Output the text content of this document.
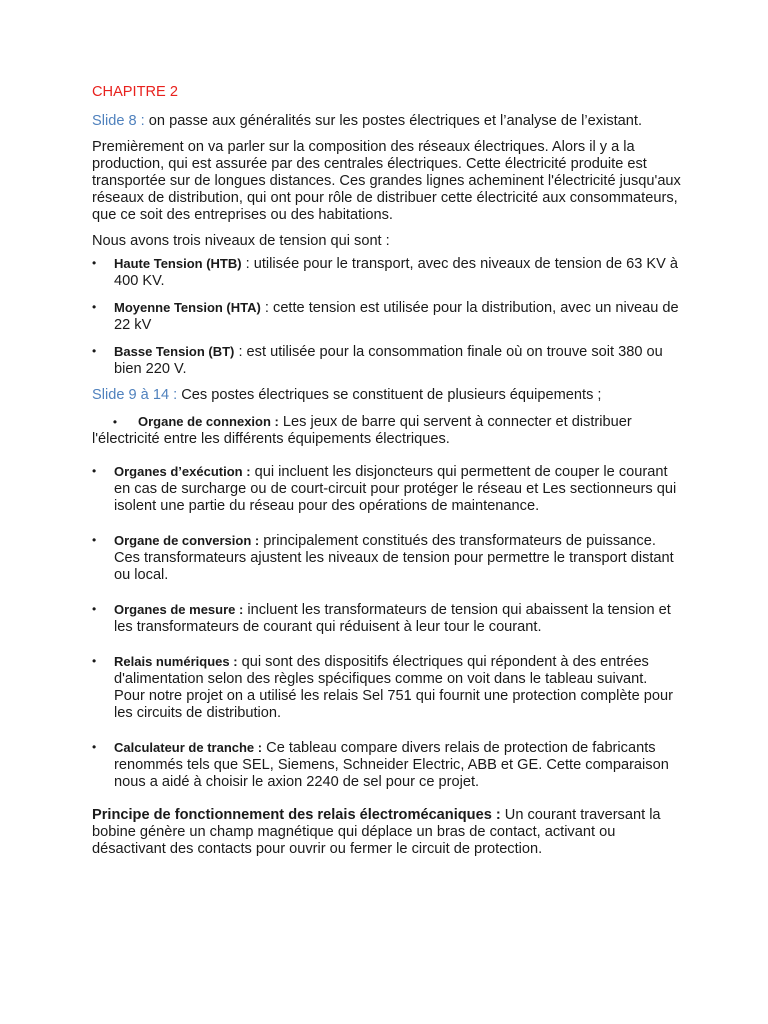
CHAPITRE 2

Slide 8 : on passe aux généralités sur les postes électriques et l’analyse de l’existant.

Premièrement on va parler sur la composition des réseaux électriques. Alors il y a la production, qui est assurée par des centrales électriques. Cette électricité produite est transportée sur de longues distances. Ces grandes lignes acheminent l'électricité jusqu'aux réseaux de distribution, qui ont pour rôle de distribuer cette électricité aux consommateurs, que ce soit des entreprises ou des habitations.

Nous avons trois niveaux de tension qui sont :

• Haute Tension (HTB) : utilisée pour le transport, avec des niveaux de tension de 63 KV à 400 KV.
• Moyenne Tension (HTA) : cette tension est utilisée pour la distribution, avec un niveau de 22 kV
• Basse Tension (BT) : est utilisée pour la consommation finale où on trouve soit 380 ou bien 220 V.

Slide 9 à 14 : Ces postes électriques se constituent de plusieurs équipements ;

• Organe de connexion : Les jeux de barre qui servent à connecter et distribuer l'électricité entre les différents équipements électriques.

• Organes d’exécution : qui incluent les disjoncteurs qui permettent de couper le courant en cas de surcharge ou de court-circuit pour protéger le réseau et Les sectionneurs qui isolent une partie du réseau pour des opérations de maintenance.
• Organe de conversion : principalement constitués des transformateurs de puissance. Ces transformateurs ajustent les niveaux de tension pour permettre le transport distant ou local.
• Organes de mesure : incluent les transformateurs de tension qui abaissent la tension et les transformateurs de courant qui réduisent à leur tour le courant.
• Relais numériques : qui sont des dispositifs électriques qui répondent à des entrées d'alimentation selon des règles spécifiques comme on voit dans le tableau suivant. Pour notre projet on a utilisé les relais Sel 751 qui fournit une protection complète pour les circuits de distribution.
• Calculateur de tranche : Ce tableau compare divers relais de protection de fabricants renommés tels que SEL, Siemens, Schneider Electric, ABB et GE. Cette comparaison nous a aidé à choisir le axion 2240 de sel pour ce projet.

Principe de fonctionnement des relais électromécaniques : Un courant traversant la bobine génère un champ magnétique qui déplace un bras de contact, activant ou désactivant des contacts pour ouvrir ou fermer le circuit de protection.
